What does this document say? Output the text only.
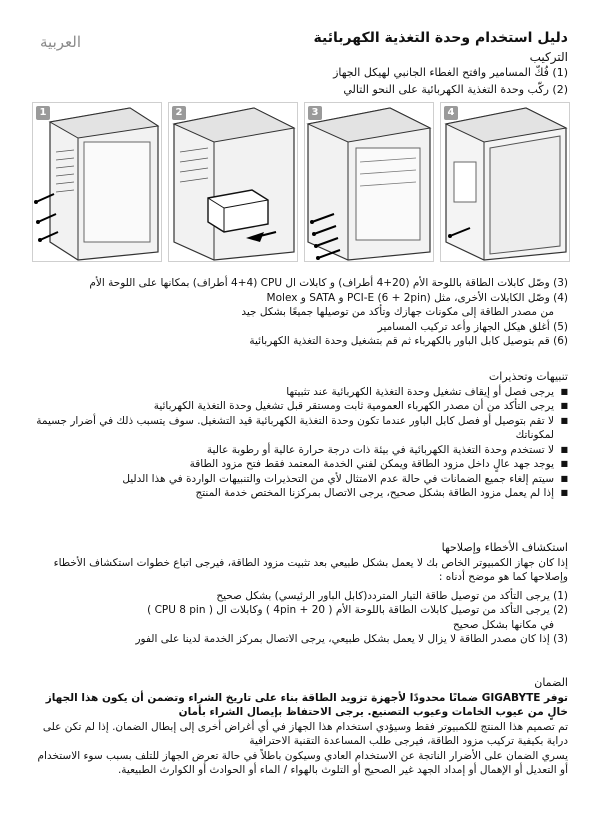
العربية	دليل استخدام وحدة التغذية الكهربائية
التركيب
(1) فُكّ المسامير وافتح الغطاء الجانبي لهيكل الجهاز
(2) ركّب وحدة التغذية الكهربائية على النحو التالي
1	2	3	4
(3) وصّل كابلات الطاقة باللوحة الأم (20+4 أطراف) و كابلات ال CPU (4+4 أطراف) بمكانها على اللوحة الأم
(4) وصّل الكابلات الأخرى، مثل PCI-E (6 + 2pin) و SATA و Molex
من مصدر الطاقة إلى مكونات جهازك وتأكد من توصيلها جميعًا بشكل جيد
(5) أغلق هيكل الجهاز وأعد تركيب المسامير
(6) قم بتوصيل كابل الباور بالكهرباء ثم قم بتشغيل وحدة التغذية الكهربائية
تنبيهات وتحذيرات
■ يرجى فصل أو إيقاف تشغيل وحدة التغذية الكهربائية عند تثبيتها
■ يرجى التأكد من أن مصدر الكهرباء العمومية ثابت ومستقر قبل تشغيل وحدة التغذية الكهربائية
■ لا تقم بتوصيل أو فصل كابل الباور عندما تكون وحدة التغذية الكهربائية قيد التشغيل. سوف يتسبب ذلك في أضرار جسيمة لمكوناتك
■ لا تستخدم وحدة التغذية الكهربائية في بيئة ذات درجة حرارة عالية أو رطوبة عالية
■ يوجد جهد عالٍ داخل مزود الطاقة ويمكن لفني الخدمة المعتمد فقط فتح مزود الطاقة
■ سيتم إلغاء جميع الضمانات في حالة عدم الامتثال لأي من التحذيرات والتنبيهات الواردة في هذا الدليل
■ إذا لم يعمل مزود الطاقة بشكل صحيح، يرجى الاتصال بمركزنا المختص خدمة المنتج
استكشاف الأخطاء وإصلاحها
إذا كان جهاز الكمبيوتر الخاص بك لا يعمل بشكل طبيعي بعد تثبيت مزود الطاقة، فيرجى اتباع خطوات استكشاف الأخطاء وإصلاحها كما هو موضح أدناه :
(1) يرجى التأكد من توصيل طاقة التيار المتردد(كابل الباور الرئيسي) بشكل صحيح
(2) يرجى التأكد من توصيل كابلات الطاقة باللوحة الأم ( 20 + 4pin ) وكابلات ال ( CPU 8 pin )
في مكانها بشكل صحيح
(3) إذا كان مصدر الطاقة لا يزال لا يعمل بشكل طبيعي، يرجى الاتصال بمركز الخدمة لدينا على الفور
الضمان
توفر GIGABYTE ضمانًا محدودًا لأجهزة تزويد الطاقة بناء على تاريخ الشراء وتضمن أن يكون هذا الجهاز خالٍ من عيوب الخامات وعيوب التصنيع. يرجى الاحتفاظ بإيصال الشراء بأمان
تم تصميم هذا المنتج للكمبيوتر فقط وسيؤدي استخدام هذا الجهاز في أي أغراض أخرى إلى إبطال الضمان. إذا لم تكن على دراية بكيفية تركيب مزود الطاقة، فيرجى طلب المساعدة التقنية الاحترافية
يسري الضمان على الأضرار الناتجة عن الاستخدام العادي وسيكون باطلاً في حالة تعرض الجهاز للتلف بسبب سوء الاستخدام أو التعديل أو الإهمال أو إمداد الجهد غير الصحيح أو التلوث بالهواء / الماء أو الحوادث أو الكوارث الطبيعية.
